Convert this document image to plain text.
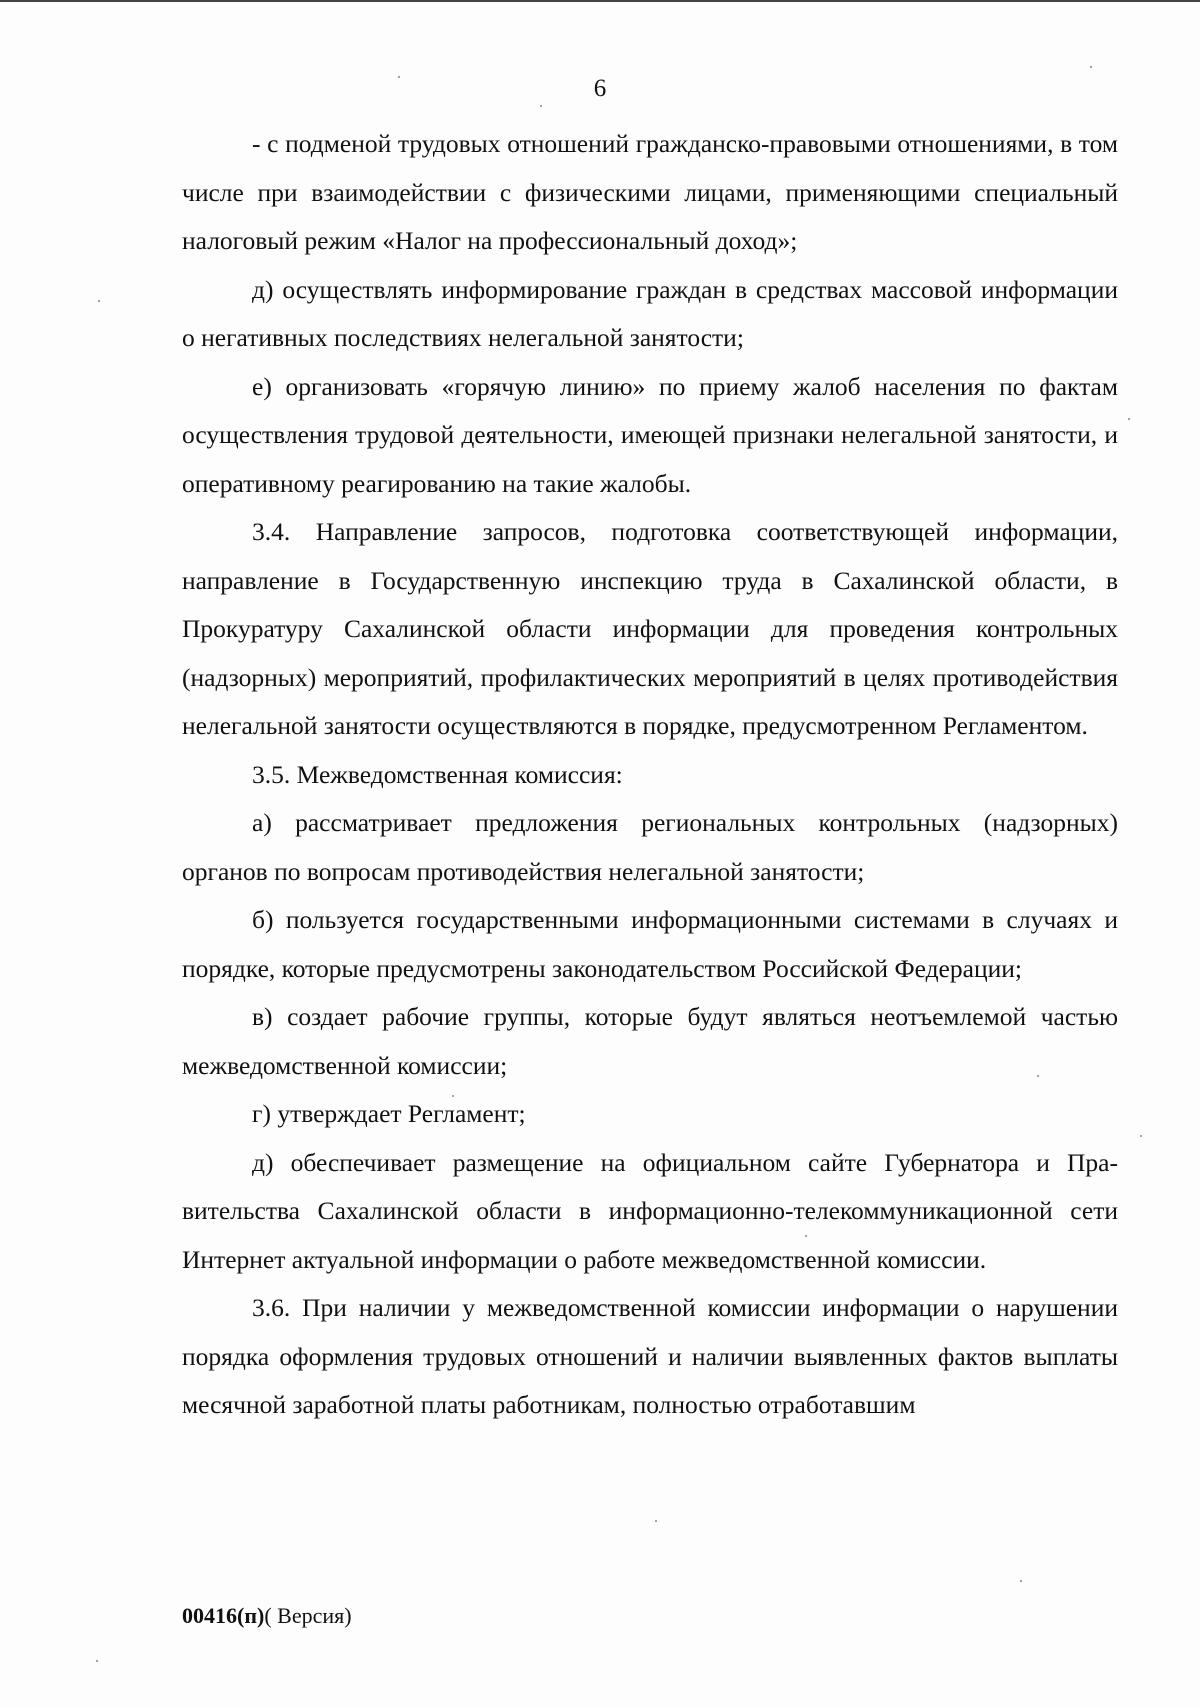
6

- с подменой трудовых отношений гражданско-правовыми отношениями, в том числе при взаимодействии с физическими лицами, применяющими специальный налоговый режим «Налог на профессиональный доход»;

д) осуществлять информирование граждан в средствах массовой информации о негативных последствиях нелегальной занятости;

е) организовать «горячую линию» по приему жалоб населения по фактам осуществления трудовой деятельности, имеющей признаки нелегальной занятости, и оперативному реагированию на такие жалобы.

3.4. Направление запросов, подготовка соответствующей информации, направление в Государственную инспекцию труда в Сахалинской области, в Прокуратуру Сахалинской области информации для проведения контрольных (надзорных) мероприятий, профилактических мероприятий в целях противодействия нелегальной занятости осуществляются в порядке, предусмотренном Регламентом.

3.5. Межведомственная комиссия:

а) рассматривает предложения региональных контрольных (надзорных) органов по вопросам противодействия нелегальной занятости;

б) пользуется государственными информационными системами в случаях и порядке, которые предусмотрены законодательством Российской Федерации;

в) создает рабочие группы, которые будут являться неотъемлемой частью межведомственной комиссии;

г) утверждает Регламент;

д) обеспечивает размещение на официальном сайте Губернатора и Правительства Сахалинской области в информационно-телекоммуникационной сети Интернет актуальной информации о работе межведомственной комиссии.

3.6. При наличии у межведомственной комиссии информации о нарушении порядка оформления трудовых отношений и наличии выявленных фактов выплаты месячной заработной платы работникам, полностью отработавшим

00416(п)( Версия)
